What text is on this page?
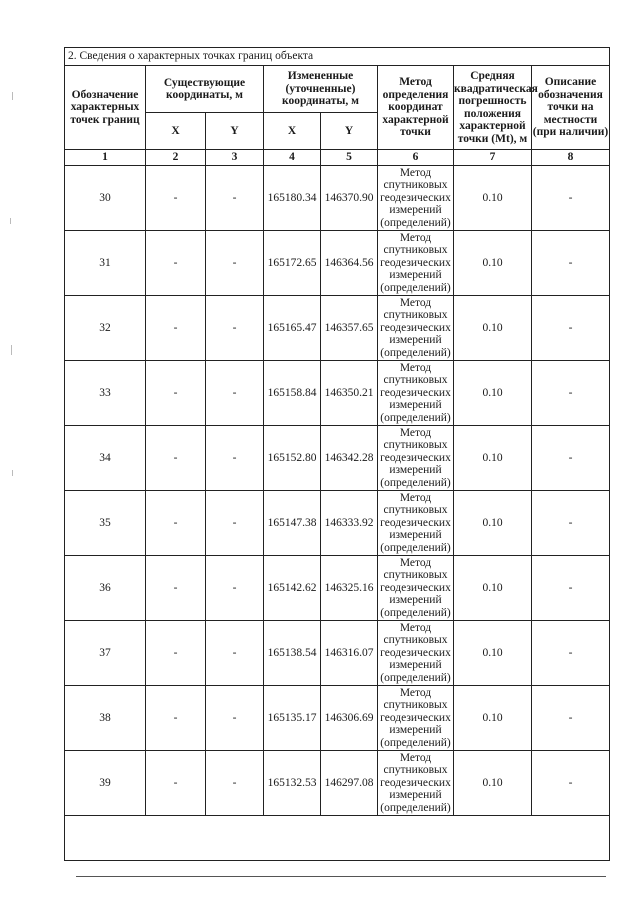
2. Сведения о характерных точках границ объекта							
Обозначение характерных точек границ	Существующие координаты, м		Измененные (уточненные) координаты, м		Метод определения координат характерной точки	Средняя квадратическая погрешность положения характерной точки (Mt), м	Описание обозначения точки на местности (при наличии)
	X	Y	X	Y			
1	2	3	4	5	6	7	8
30	-	-	165180.34	146370.90	Метод спутниковых геодезических измерений (определений)	0.10	-
31	-	-	165172.65	146364.56	Метод спутниковых геодезических измерений (определений)	0.10	-
32	-	-	165165.47	146357.65	Метод спутниковых геодезических измерений (определений)	0.10	-
33	-	-	165158.84	146350.21	Метод спутниковых геодезических измерений (определений)	0.10	-
34	-	-	165152.80	146342.28	Метод спутниковых геодезических измерений (определений)	0.10	-
35	-	-	165147.38	146333.92	Метод спутниковых геодезических измерений (определений)	0.10	-
36	-	-	165142.62	146325.16	Метод спутниковых геодезических измерений (определений)	0.10	-
37	-	-	165138.54	146316.07	Метод спутниковых геодезических измерений (определений)	0.10	-
38	-	-	165135.17	146306.69	Метод спутниковых геодезических измерений (определений)	0.10	-
39	-	-	165132.53	146297.08	Метод спутниковых геодезических измерений (определений)	0.10	-
